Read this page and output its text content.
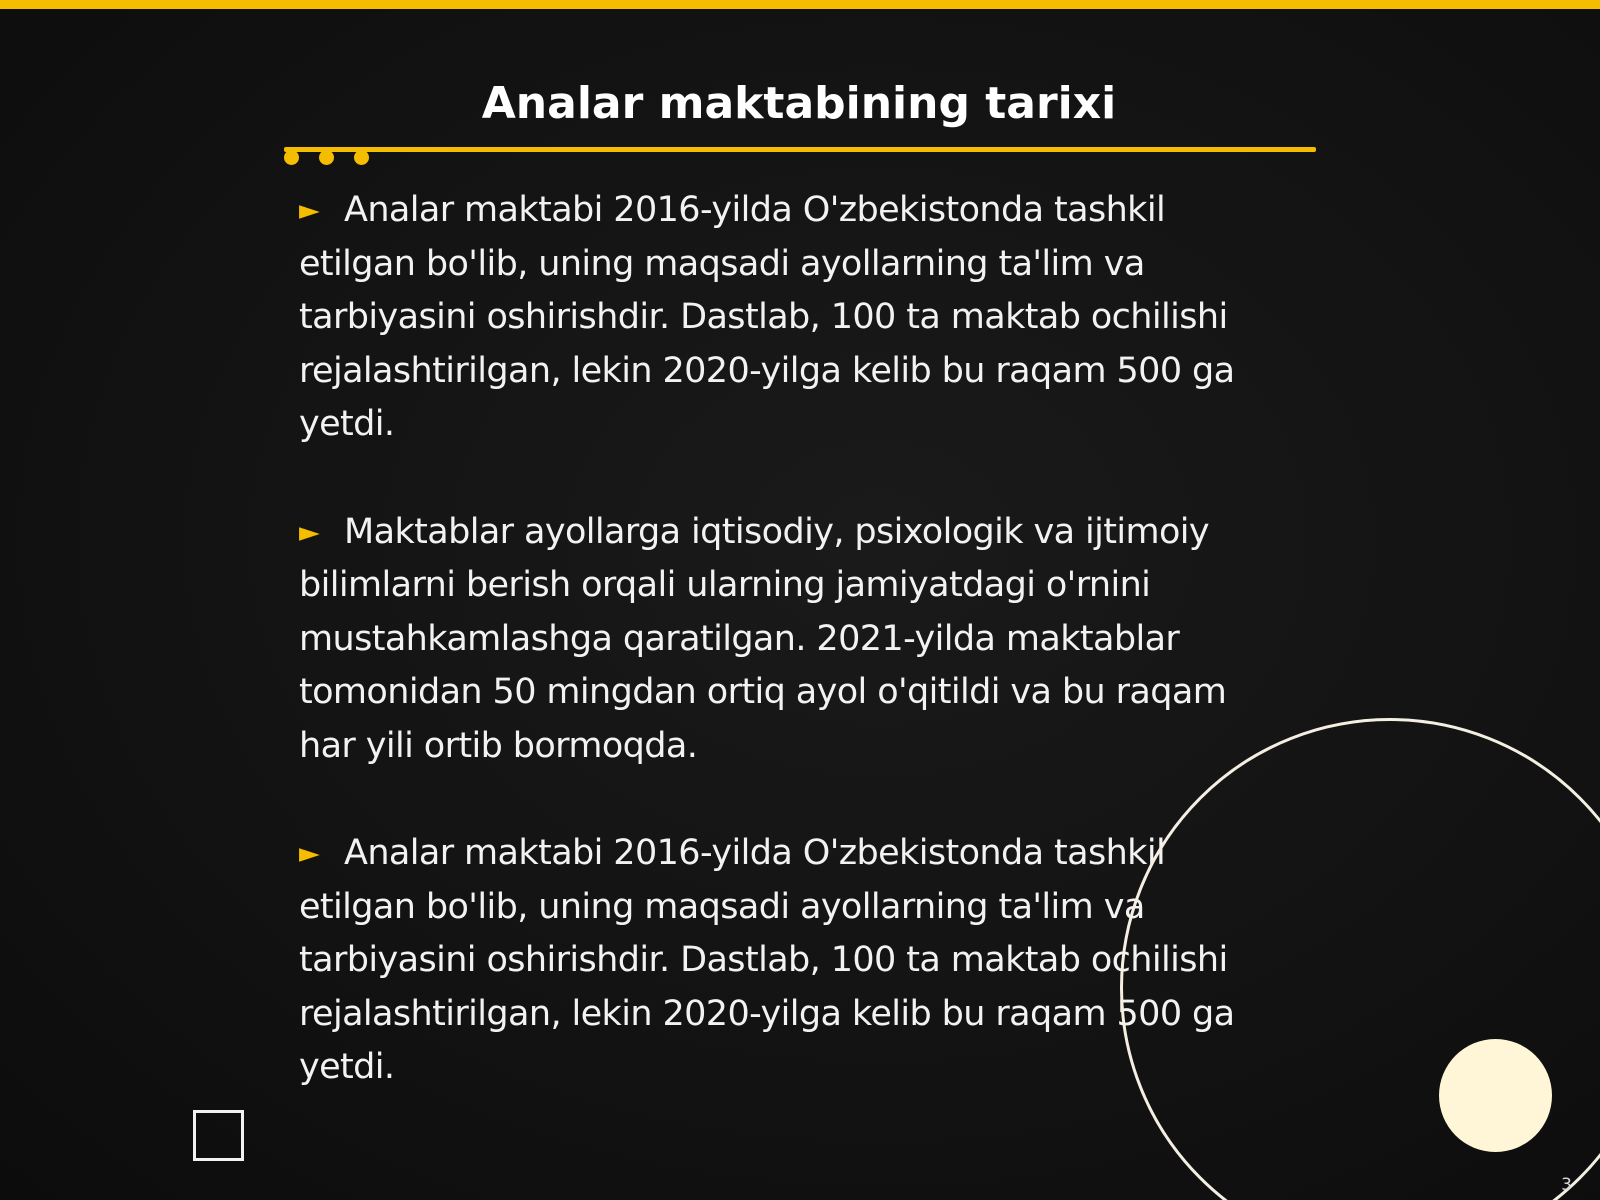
Analar maktabining tarixi

► Analar maktabi 2016-yilda O'zbekistonda tashkil etilgan bo'lib, uning maqsadi ayollarning ta'lim va tarbiyasini oshirishdir. Dastlab, 100 ta maktab ochilishi rejalashtirilgan, lekin 2020-yilga kelib bu raqam 500 ga yetdi.

► Maktablar ayollarga iqtisodiy, psixologik va ijtimoiy bilimlarni berish orqali ularning jamiyatdagi o'rnini mustahkamlashga qaratilgan. 2021-yilda maktablar tomonidan 50 mingdan ortiq ayol o'qitildi va bu raqam har yili ortib bormoqda.

► Analar maktabi 2016-yilda O'zbekistonda tashkil etilgan bo'lib, uning maqsadi ayollarning ta'lim va tarbiyasini oshirishdir. Dastlab, 100 ta maktab ochilishi rejalashtirilgan, lekin 2020-yilga kelib bu raqam 500 ga yetdi.

3
